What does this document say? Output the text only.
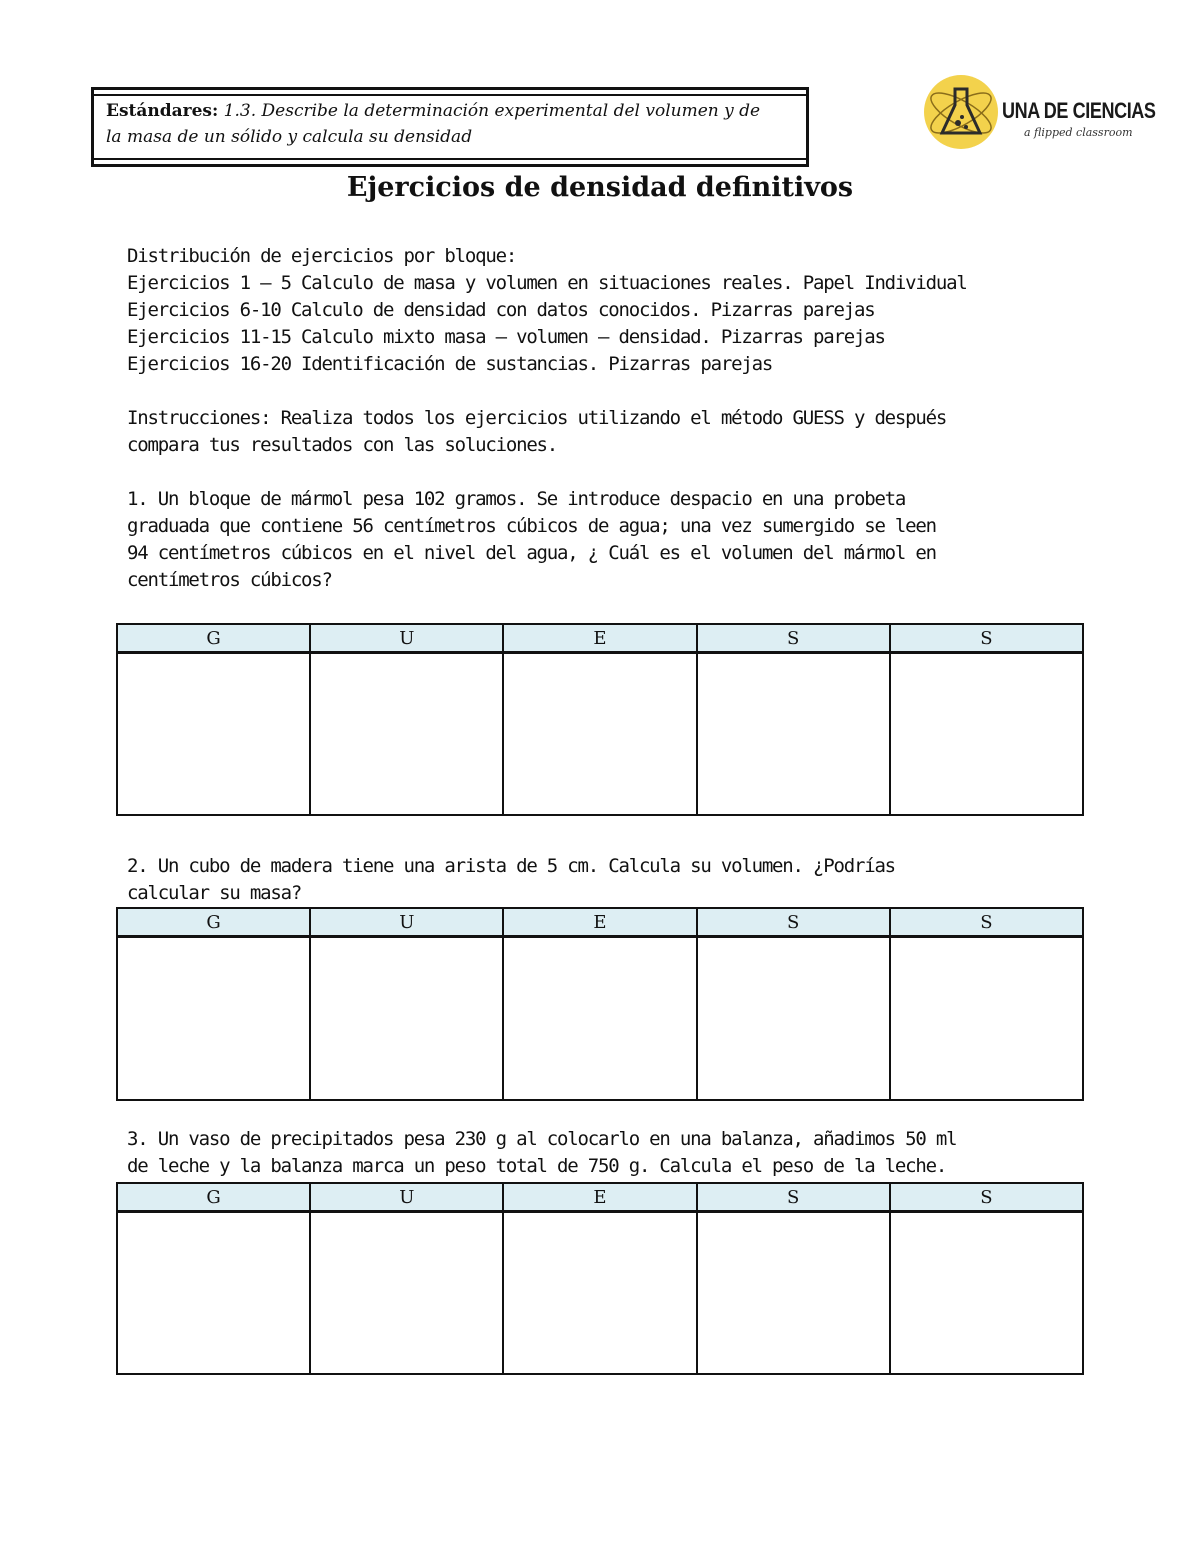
Estándares: 1.3. Describe la determinación experimental del volumen y de
la masa de un sólido y calcula su densidad
UNA DE CIENCIAS
a flipped classroom
Ejercicios de densidad definitivos
Distribución de ejercicios por bloque:
Ejercicios 1 – 5 Calculo de masa y volumen en situaciones reales. Papel Individual
Ejercicios 6-10 Calculo de densidad con datos conocidos. Pizarras parejas
Ejercicios 11-15 Calculo mixto masa – volumen – densidad. Pizarras parejas
Ejercicios 16-20 Identificación de sustancias. Pizarras parejas
Instrucciones: Realiza todos los ejercicios utilizando el método GUESS y después
compara tus resultados con las soluciones.
1. Un bloque de mármol pesa 102 gramos. Se introduce despacio en una probeta
graduada que contiene 56 centímetros cúbicos de agua; una vez sumergido se leen
94 centímetros cúbicos en el nivel del agua, ¿ Cuál es el volumen del mármol en
centímetros cúbicos?
G	U	E	S	S

2. Un cubo de madera tiene una arista de 5 cm. Calcula su volumen. ¿Podrías
calcular su masa?
G	U	E	S	S

3. Un vaso de precipitados pesa 230 g al colocarlo en una balanza, añadimos 50 ml
de leche y la balanza marca un peso total de 750 g. Calcula el peso de la leche.
G	U	E	S	S
